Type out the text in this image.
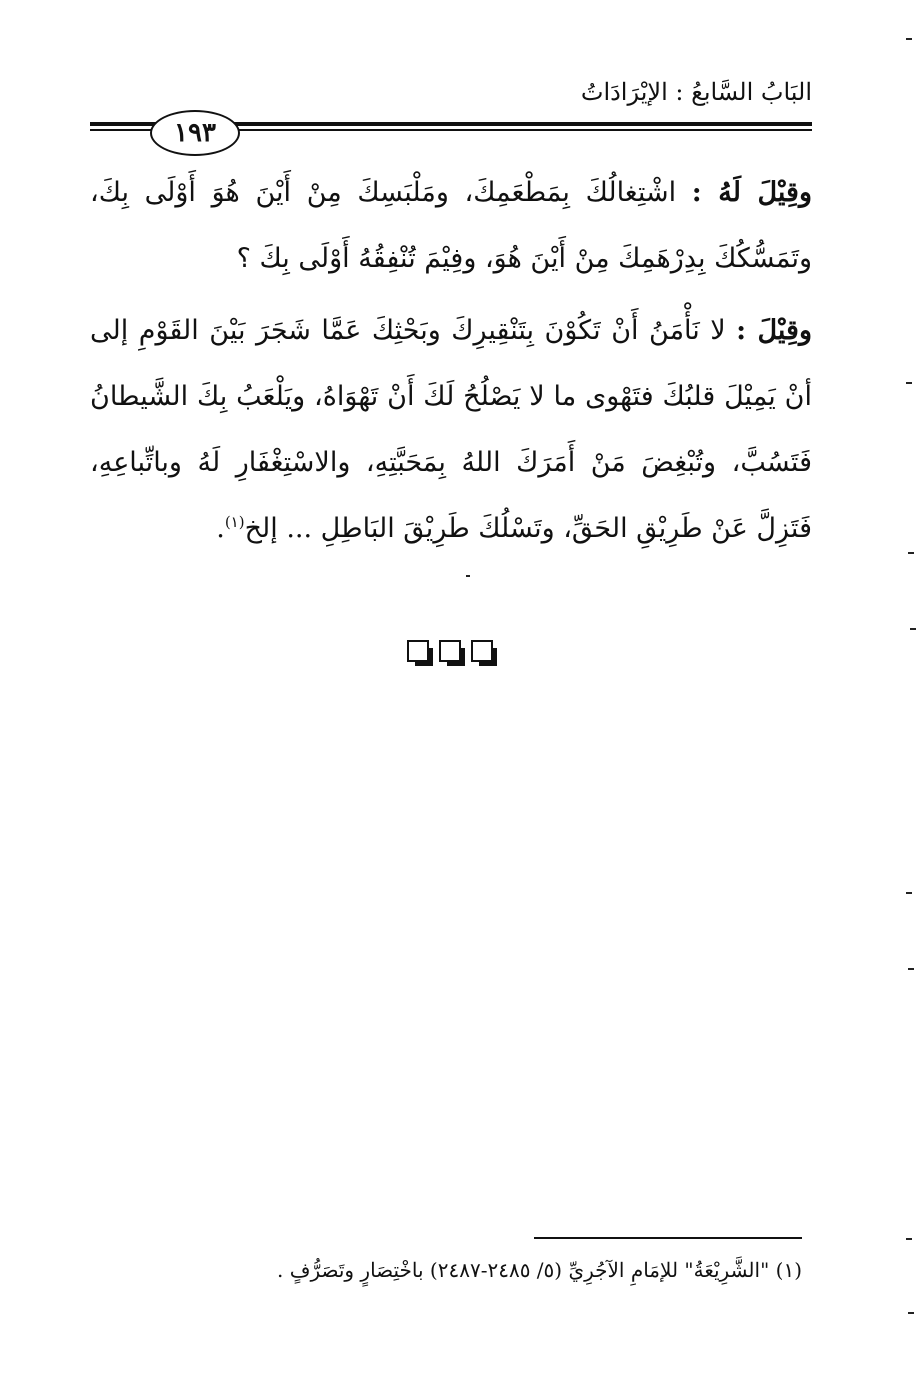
البَابُ السَّابعُ : الإيْرَادَاتُ
١٩٣

وقِيْلَ لَهُ : اشْتِغالُكَ بِمَطْعَمِكَ، ومَلْبَسِكَ مِنْ أَيْنَ هُوَ أَوْلَى بِكَ، وتَمَسُّكُكَ بِدِرْهَمِكَ مِنْ أَيْنَ هُوَ، وفِيْمَ تُنْفِقُهُ أَوْلَى بِكَ ؟

وقِيْلَ : لا نَأْمَنُ أَنْ تَكُوْنَ بِتَنْقِيرِكَ وبَحْثِكَ عَمَّا شَجَرَ بَيْنَ القَوْمِ إلى أنْ يَمِيْلَ قلبُكَ فتَهْوى ما لا يَصْلُحُ لَكَ أَنْ تَهْوَاهُ، ويَلْعَبُ بِكَ الشَّيطانُ فَتَسُبَّ، وتُبْغِضَ مَنْ أَمَرَكَ اللهُ بِمَحَبَّتِهِ، والاسْتِغْفَارِ لَهُ وباتِّباعِهِ، فَتَزِلَّ عَنْ طَرِيْقِ الحَقِّ، وتَسْلُكَ طَرِيْقَ البَاطِلِ ... إلخ$^{(١)}$.

(١) "الشَّرِيْعَةُ" للإمَامِ الآجُرِيِّ (٥/ ٢٤٨٥-٢٤٨٧) باخْتِصَارٍ وتَصَرُّفٍ .
